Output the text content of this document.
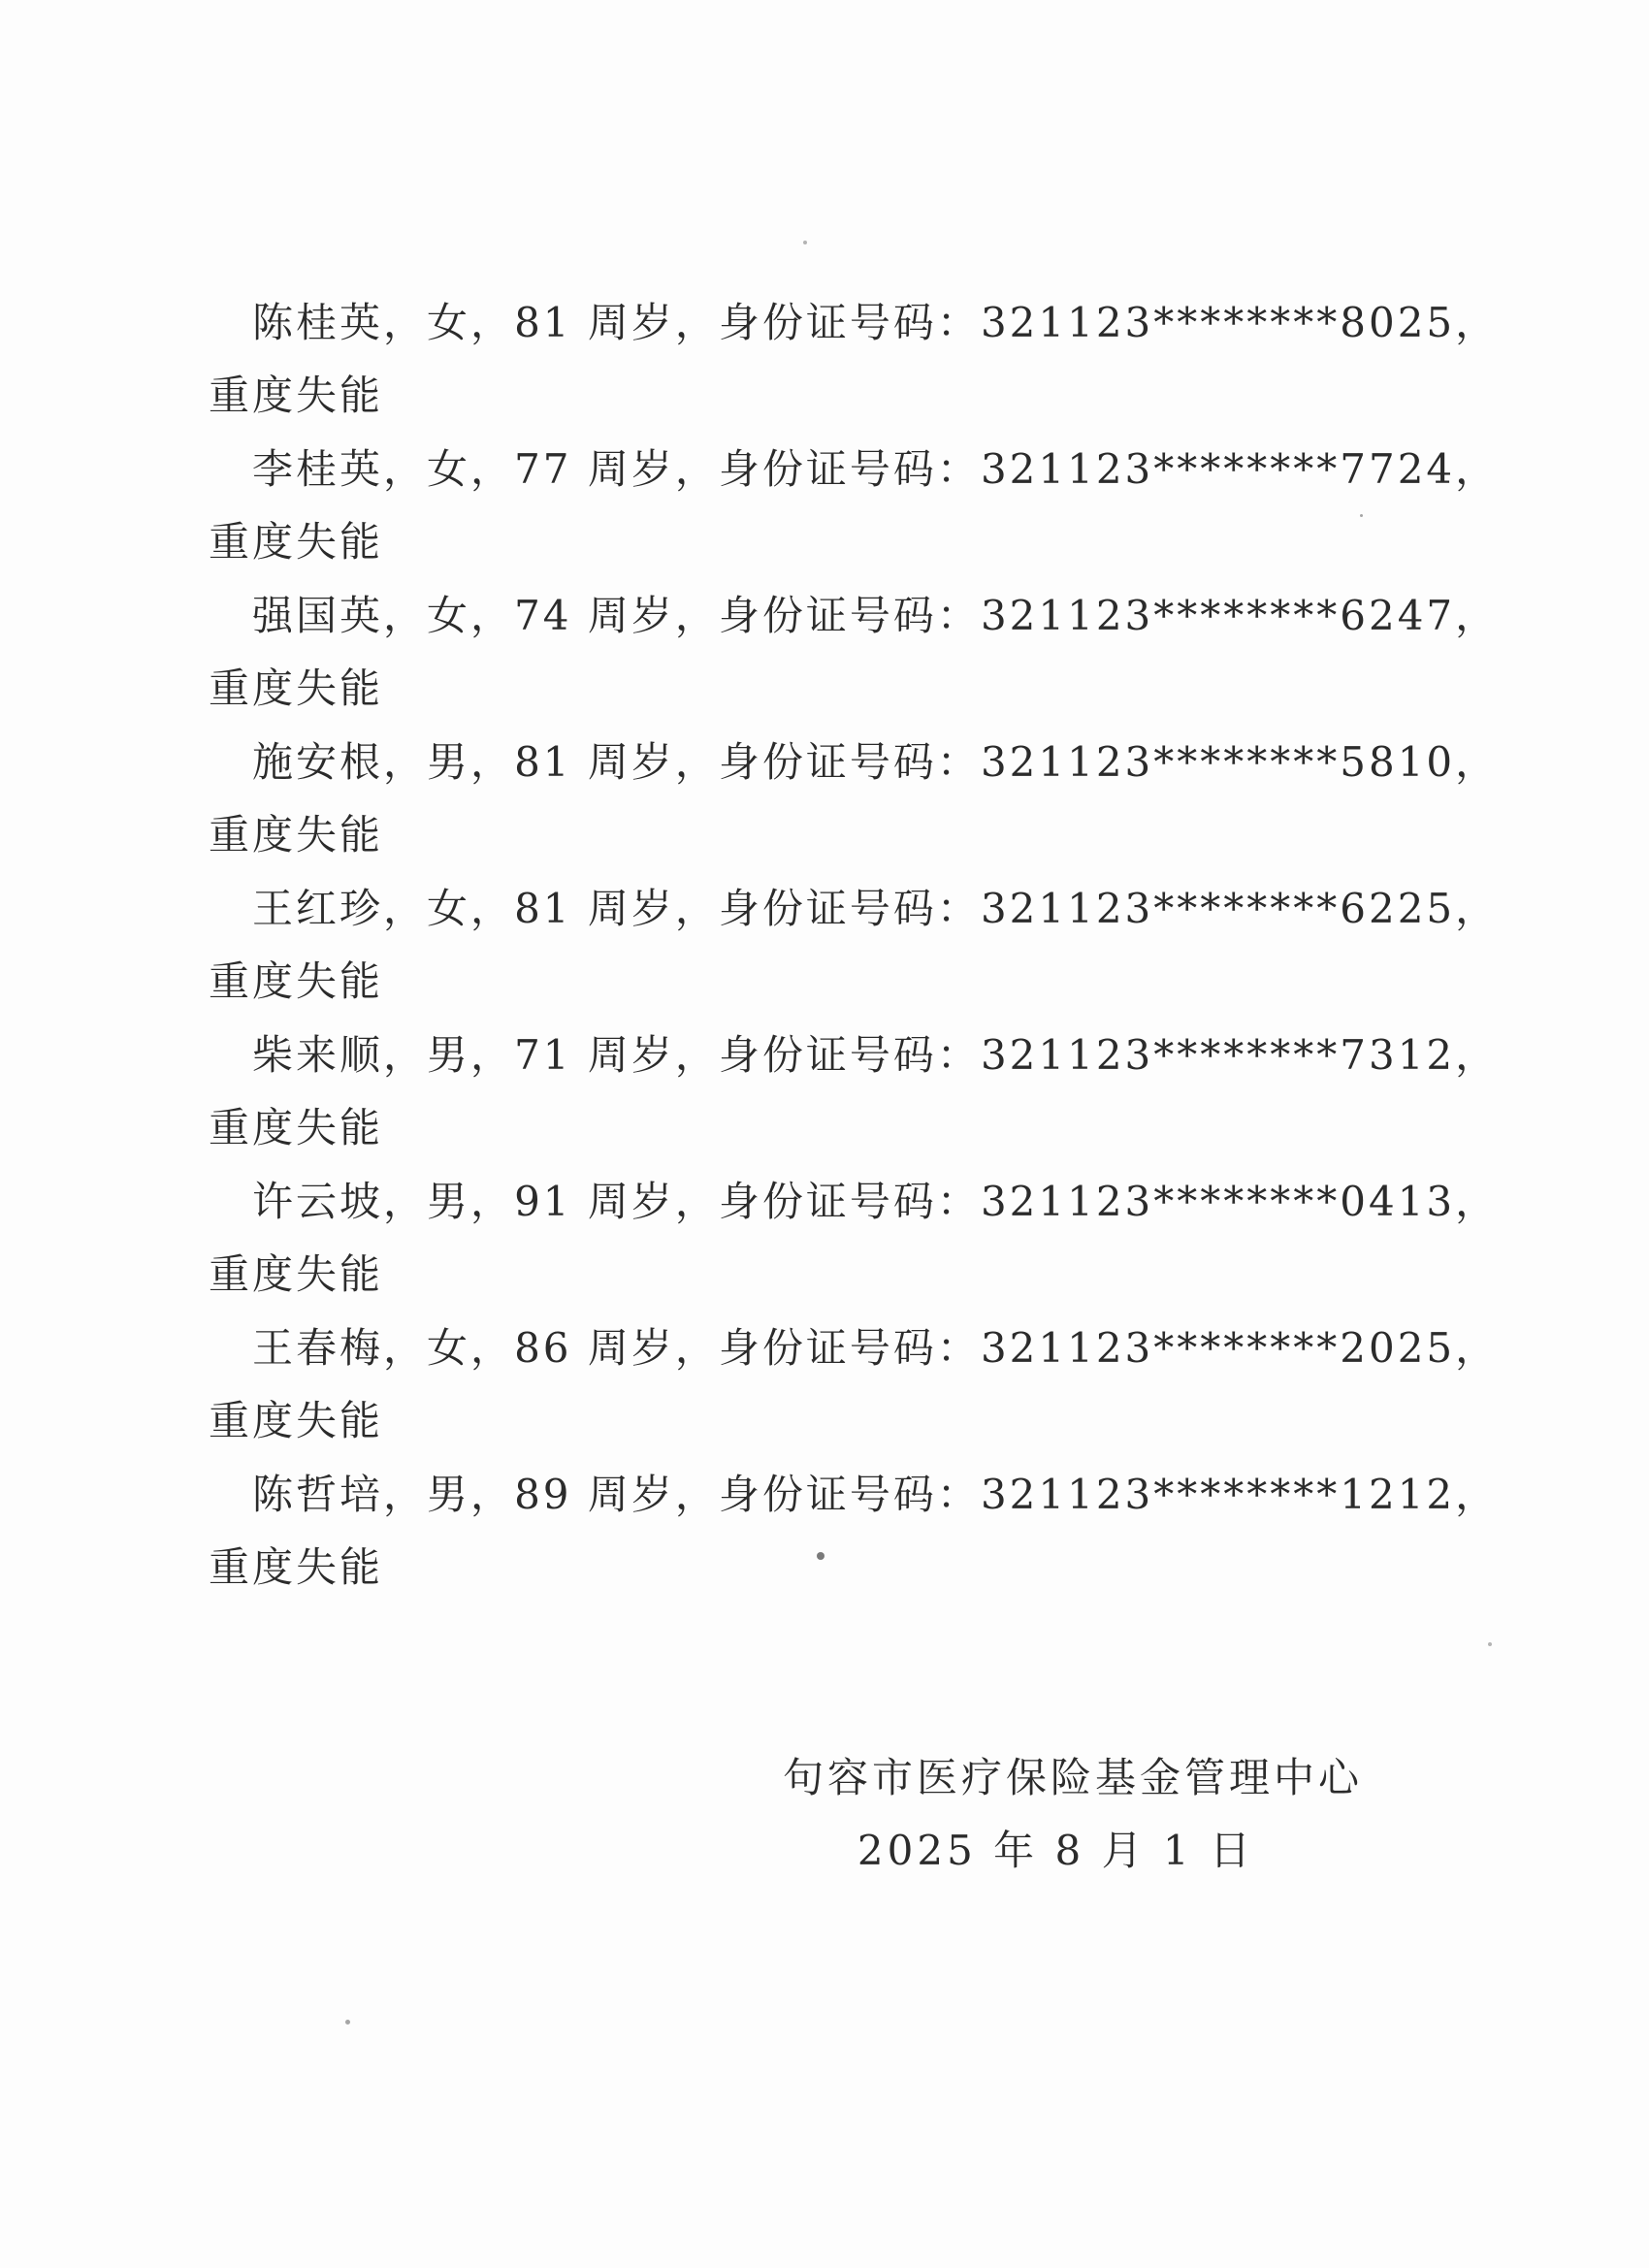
陈桂英，女，81 周岁，身份证号码：321123********8025，
重度失能
李桂英，女，77 周岁，身份证号码：321123********7724，
重度失能
强国英，女，74 周岁，身份证号码：321123********6247，
重度失能
施安根，男，81 周岁，身份证号码：321123********5810，
重度失能
王红珍，女，81 周岁，身份证号码：321123********6225，
重度失能
柴来顺，男，71 周岁，身份证号码：321123********7312，
重度失能
许云坡，男，91 周岁，身份证号码：321123********0413，
重度失能
王春梅，女，86 周岁，身份证号码：321123********2025，
重度失能
陈哲培，男，89 周岁，身份证号码：321123********1212，
重度失能
句容市医疗保险基金管理中心
2025 年 8 月 1 日
